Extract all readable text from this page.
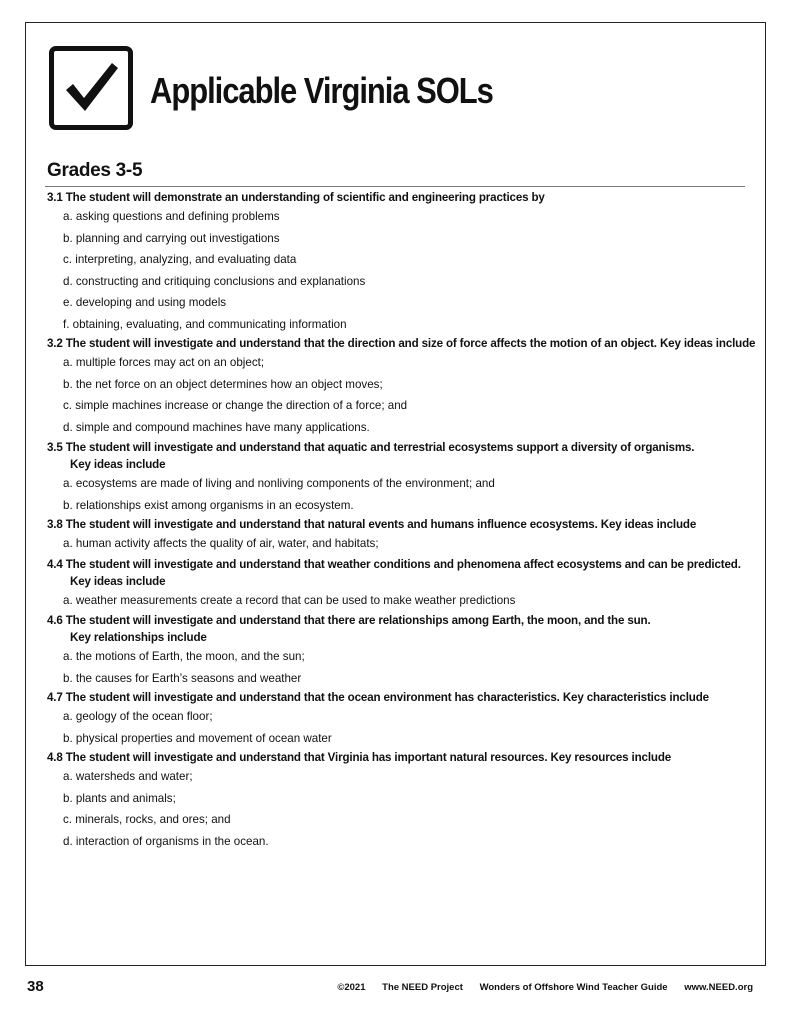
Applicable Virginia SOLs
Grades 3-5
3.1 The student will demonstrate an understanding of scientific and engineering practices by
a. asking questions and defining problems
b. planning and carrying out investigations
c. interpreting, analyzing, and evaluating data
d. constructing and critiquing conclusions and explanations
e. developing and using models
f. obtaining, evaluating, and communicating information
3.2 The student will investigate and understand that the direction and size of force affects the motion of an object. Key ideas include
a. multiple forces may act on an object;
b. the net force on an object determines how an object moves;
c. simple machines increase or change the direction of a force; and
d. simple and compound machines have many applications.
3.5 The student will investigate and understand that aquatic and terrestrial ecosystems support a diversity of organisms.
Key ideas include
a. ecosystems are made of living and nonliving components of the environment; and
b. relationships exist among organisms in an ecosystem.
3.8 The student will investigate and understand that natural events and humans influence ecosystems. Key ideas include
a. human activity affects the quality of air, water, and habitats;
4.4 The student will investigate and understand that weather conditions and phenomena affect ecosystems and can be predicted.
Key ideas include
a. weather measurements create a record that can be used to make weather predictions
4.6 The student will investigate and understand that there are relationships among Earth, the moon, and the sun.
Key relationships include
a. the motions of Earth, the moon, and the sun;
b. the causes for Earth’s seasons and weather
4.7 The student will investigate and understand that the ocean environment has characteristics. Key characteristics include
a. geology of the ocean floor;
b. physical properties and movement of ocean water
4.8 The student will investigate and understand that Virginia has important natural resources. Key resources include
a. watersheds and water;
b. plants and animals;
c. minerals, rocks, and ores; and
d. interaction of organisms in the ocean.
38	©2021 The NEED Project Wonders of Offshore Wind Teacher Guide www.NEED.org
